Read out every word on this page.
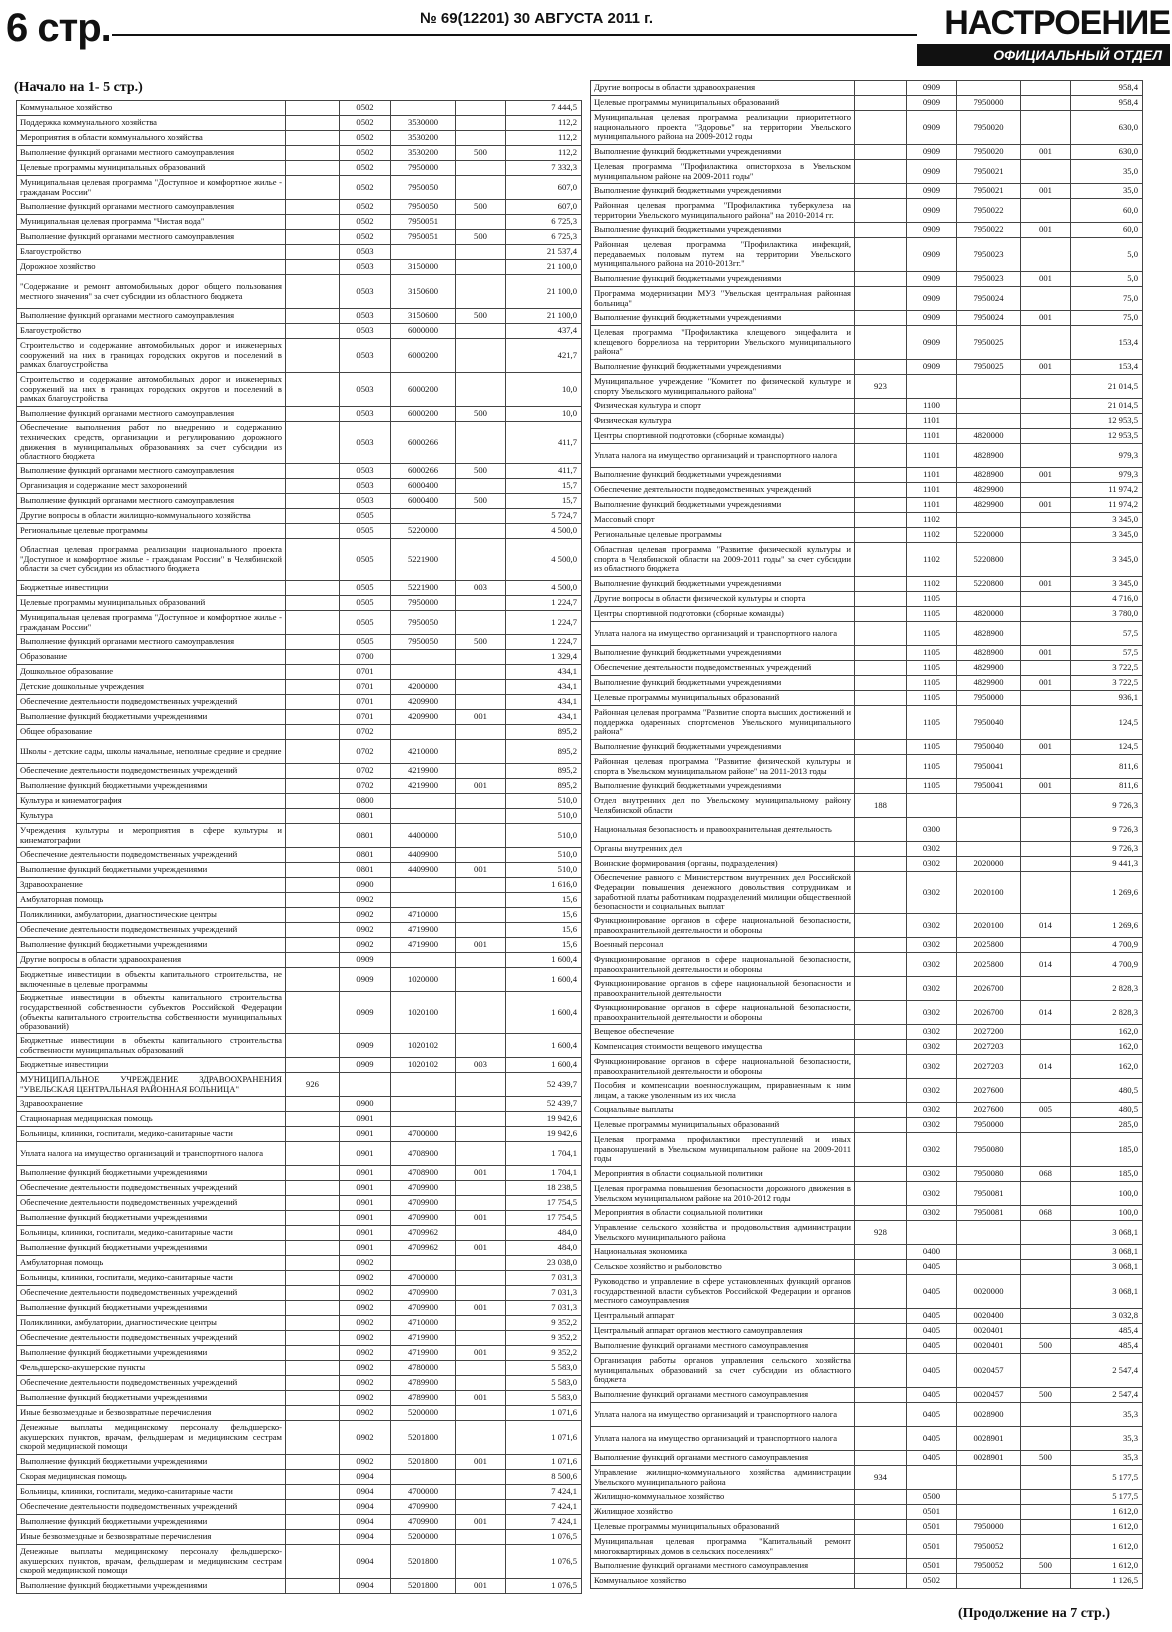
6 стр.	№ 69(12201) 30 АВГУСТА 2011 г.	НАСТРОЕНИЕ
ОФИЦИАЛЬНЫЙ ОТДЕЛ
(Начало на 1- 5 стр.)
Коммунальное хозяйство		0502			7 444,5
Поддержка коммунального хозяйства		0502	3530000		112,2
Мероприятия в области коммунального хозяйства		0502	3530200		112,2
Выполнение функций органами местного самоуправления		0502	3530200	500	112,2
Целевые программы муниципальных образований		0502	7950000		7 332,3
Муниципальная целевая программа "Доступное и комфортное жилье - гражданам России"		0502	7950050		607,0
Выполнение функций органами местного самоуправления		0502	7950050	500	607,0
Муниципальная целевая программа "Чистая вода"		0502	7950051		6 725,3
Выполнение функций органами местного самоуправления		0502	7950051	500	6 725,3
Благоустройство		0503			21 537,4
Дорожное хозяйство		0503	3150000		21 100,0
"Содержание и ремонт автомобильных дорог общего пользования местного значения" за счет субсидии из областного бюджета		0503	3150600		21 100,0
Выполнение функций органами местного самоуправления		0503	3150600	500	21 100,0
Благоустройство		0503	6000000		437,4
Строительство и содержание автомобильных дорог и инженерных сооружений на них в границах городских округов и поселений в рамках благоустройства		0503	6000200		421,7
Строительство и содержание автомобильных дорог и инженерных сооружений на них в границах городских округов и поселений в рамках благоустройства		0503	6000200		10,0
Выполнение функций органами местного самоуправления		0503	6000200	500	10,0
Обеспечение выполнения работ по внедрению и содержанию технических средств, организации и регулированию дорожного движения в муниципальных образованиях за счет субсидии из областного бюджета		0503	6000266		411,7
Выполнение функций органами местного самоуправления		0503	6000266	500	411,7
Организация и содержание мест захоронений		0503	6000400		15,7
Выполнение функций органами местного самоуправления		0503	6000400	500	15,7
Другие вопросы в области жилищно-коммунального хозяйства		0505			5 724,7
Региональные целевые программы		0505	5220000		4 500,0
Областная целевая программа реализации национального проекта "Доступное и комфортное жилье - гражданам России" в Челябинской области за счет субсидии из областного бюджета		0505	5221900		4 500,0
Бюджетные инвестиции		0505	5221900	003	4 500,0
Целевые программы муниципальных образований		0505	7950000		1 224,7
Муниципальная целевая программа "Доступное и комфортное жилье - гражданам России"		0505	7950050		1 224,7
Выполнение функций органами местного самоуправления		0505	7950050	500	1 224,7
Образование		0700			1 329,4
Дошкольное образование		0701			434,1
Детские дошкольные учреждения		0701	4200000		434,1
Обеспечение деятельности подведомственных учреждений		0701	4209900		434,1
Выполнение функций бюджетными учреждениями		0701	4209900	001	434,1
Общее образование		0702			895,2
Школы - детские сады, школы начальные, неполные средние и средние		0702	4210000		895,2
Обеспечение деятельности подведомственных учреждений		0702	4219900		895,2
Выполнение функций бюджетными учреждениями		0702	4219900	001	895,2
Культура и кинематография		0800			510,0
Культура		0801			510,0
Учреждения культуры и мероприятия в сфере культуры и кинематографии		0801	4400000		510,0
Обеспечение деятельности подведомственных учреждений		0801	4409900		510,0
Выполнение функций бюджетными учреждениями		0801	4409900	001	510,0
Здравоохранение		0900			1 616,0
Амбулаторная помощь		0902			15,6
Поликлиники, амбулатории, диагностические центры		0902	4710000		15,6
Обеспечение деятельности подведомственных учреждений		0902	4719900		15,6
Выполнение функций бюджетными учреждениями		0902	4719900	001	15,6
Другие вопросы в области здравоохранения		0909			1 600,4
Бюджетные инвестиции в объекты капитального строительства, не включенные в целевые программы		0909	1020000		1 600,4
Бюджетные инвестиции в объекты капитального строительства государственной собственности субъектов Российской Федерации (объекты капитального строительства собственности муниципальных образований)		0909	1020100		1 600,4
Бюджетные инвестиции в объекты капитального строительства собственности муниципальных образований		0909	1020102		1 600,4
Бюджетные инвестиции		0909	1020102	003	1 600,4
МУНИЦИПАЛЬНОЕ УЧРЕЖДЕНИЕ ЗДРАВООХРАНЕНИЯ "УВЕЛЬСКАЯ ЦЕНТРАЛЬНАЯ РАЙОННАЯ БОЛЬНИЦА"	926				52 439,7
Здравоохранение		0900			52 439,7
Стационарная медицинская помощь		0901			19 942,6
Больницы, клиники, госпитали, медико-санитарные части		0901	4700000		19 942,6
Уплата налога на имущество организаций и транспортного налога		0901	4708900		1 704,1
Выполнение функций бюджетными учреждениями		0901	4708900	001	1 704,1
Обеспечение деятельности подведомственных учреждений		0901	4709900		18 238,5
Обеспечение деятельности подведомственных учреждений		0901	4709900		17 754,5
Выполнение функций бюджетными учреждениями		0901	4709900	001	17 754,5
Больницы, клиники, госпитали, медико-санитарные части		0901	4709962		484,0
Выполнение функций бюджетными учреждениями		0901	4709962	001	484,0
Амбулаторная помощь		0902			23 038,0
Больницы, клиники, госпитали, медико-санитарные части		0902	4700000		7 031,3
Обеспечение деятельности подведомственных учреждений		0902	4709900		7 031,3
Выполнение функций бюджетными учреждениями		0902	4709900	001	7 031,3
Поликлиники, амбулатории, диагностические центры		0902	4710000		9 352,2
Обеспечение деятельности подведомственных учреждений		0902	4719900		9 352,2
Выполнение функций бюджетными учреждениями		0902	4719900	001	9 352,2
Фельдшерско-акушерские пункты		0902	4780000		5 583,0
Обеспечение деятельности подведомственных учреждений		0902	4789900		5 583,0
Выполнение функций бюджетными учреждениями		0902	4789900	001	5 583,0
Иные безвозмездные и безвозвратные перечисления		0902	5200000		1 071,6
Денежные выплаты медицинскому персоналу фельдшерско-акушерских пунктов, врачам, фельдшерам и медицинским сестрам скорой медицинской помощи		0902	5201800		1 071,6
Выполнение функций бюджетными учреждениями		0902	5201800	001	1 071,6
Скорая медицинская помощь		0904			8 500,6
Больницы, клиники, госпитали, медико-санитарные части		0904	4700000		7 424,1
Обеспечение деятельности подведомственных учреждений		0904	4709900		7 424,1
Выполнение функций бюджетными учреждениями		0904	4709900	001	7 424,1
Иные безвозмездные и безвозвратные перечисления		0904	5200000		1 076,5
Денежные выплаты медицинскому персоналу фельдшерско-акушерских пунктов, врачам, фельдшерам и медицинским сестрам скорой медицинской помощи		0904	5201800		1 076,5
Выполнение функций бюджетными учреждениями		0904	5201800	001	1 076,5
Другие вопросы в области здравоохранения		0909			958,4
Целевые программы муниципальных образований		0909	7950000		958,4
Муниципальная целевая программа реализации приоритетного национального проекта "Здоровье" на территории Увельского муниципального района на 2009-2012 годы		0909	7950020		630,0
Выполнение функций бюджетными учреждениями		0909	7950020	001	630,0
Целевая программа "Профилактика описторхоза в Увельском муниципальном районе на 2009-2011 годы"		0909	7950021		35,0
Выполнение функций бюджетными учреждениями		0909	7950021	001	35,0
Районная целевая программа "Профилактика туберкулеза на территории Увельского муниципального района" на 2010-2014 гг.		0909	7950022		60,0
Выполнение функций бюджетными учреждениями		0909	7950022	001	60,0
Районная целевая программа "Профилактика инфекций, передаваемых половым путем на территории Увельского муниципального района на 2010-2013гг."		0909	7950023		5,0
Выполнение функций бюджетными учреждениями		0909	7950023	001	5,0
Программа модернизации МУЗ "Увельская центральная районная больница"		0909	7950024		75,0
Выполнение функций бюджетными учреждениями		0909	7950024	001	75,0
Целевая программа "Профилактика клещевого энцефалита и клещевого боррелиоза на территории Увельского муниципального района"		0909	7950025		153,4
Выполнение функций бюджетными учреждениями		0909	7950025	001	153,4
Муниципальное учреждение "Комитет по физической культуре и спорту Увельского муниципального района"	923				21 014,5
Физическая культура и спорт		1100			21 014,5
Физическая культура		1101			12 953,5
Центры спортивной подготовки (сборные команды)		1101	4820000		12 953,5
Уплата налога на имущество организаций и транспортного налога		1101	4828900		979,3
Выполнение функций бюджетными учреждениями		1101	4828900	001	979,3
Обеспечение деятельности подведомственных учреждений		1101	4829900		11 974,2
Выполнение функций бюджетными учреждениями		1101	4829900	001	11 974,2
Массовый спорт		1102			3 345,0
Региональные целевые программы		1102	5220000		3 345,0
Областная целевая программа "Развитие физической культуры и спорта в Челябинской области на 2009-2011 годы" за счет субсидии из областного бюджета		1102	5220800		3 345,0
Выполнение функций бюджетными учреждениями		1102	5220800	001	3 345,0
Другие вопросы в области физической культуры и спорта		1105			4 716,0
Центры спортивной подготовки (сборные команды)		1105	4820000		3 780,0
Уплата налога на имущество организаций и транспортного налога		1105	4828900		57,5
Выполнение функций бюджетными учреждениями		1105	4828900	001	57,5
Обеспечение деятельности подведомственных учреждений		1105	4829900		3 722,5
Выполнение функций бюджетными учреждениями		1105	4829900	001	3 722,5
Целевые программы муниципальных образований		1105	7950000		936,1
Районная целевая программа "Развитие спорта высших достижений и поддержка одаренных спортсменов Увельского муниципального района"		1105	7950040		124,5
Выполнение функций бюджетными учреждениями		1105	7950040	001	124,5
Районная целевая программа "Развитие физической культуры и спорта в Увельском муниципальном районе" на 2011-2013 годы		1105	7950041		811,6
Выполнение функций бюджетными учреждениями		1105	7950041	001	811,6
Отдел внутренних дел по Увельскому муниципальному району Челябинской области	188				9 726,3
Национальная безопасность и правоохранительная деятельность		0300			9 726,3
Органы внутренних дел		0302			9 726,3
Воинские формирования (органы, подразделения)		0302	2020000		9 441,3
Обеспечение равного с Министерством внутренних дел Российской Федерации повышения денежного довольствия сотрудникам и заработной платы работникам подразделений милиции общественной безопасности и социальных выплат		0302	2020100		1 269,6
Функционирование органов в сфере национальной безопасности, правоохранительной деятельности и обороны		0302	2020100	014	1 269,6
Военный персонал		0302	2025800		4 700,9
Функционирование органов в сфере национальной безопасности, правоохранительной деятельности и обороны		0302	2025800	014	4 700,9
Функционирование органов в сфере национальной безопасности и правоохранительной деятельности		0302	2026700		2 828,3
Функционирование органов в сфере национальной безопасности, правоохранительной деятельности и обороны		0302	2026700	014	2 828,3
Вещевое обеспечение		0302	2027200		162,0
Компенсация стоимости вещевого имущества		0302	2027203		162,0
Функционирование органов в сфере национальной безопасности, правоохранительной деятельности и обороны		0302	2027203	014	162,0
Пособия и компенсации военнослужащим, приравненным к ним лицам, а также уволенным из их числа		0302	2027600		480,5
Социальные выплаты		0302	2027600	005	480,5
Целевые программы муниципальных образований		0302	7950000		285,0
Целевая программа профилактики преступлений и иных правонарушений в Увельском муниципальном районе на 2009-2011 годы		0302	7950080		185,0
Мероприятия в области социальной политики		0302	7950080	068	185,0
Целевая программа повышения безопасности дорожного движения в Увельском муниципальном районе на 2010-2012 годы		0302	7950081		100,0
Мероприятия в области социальной политики		0302	7950081	068	100,0
Управление сельского хозяйства и продовольствия администрации Увельского муниципального района	928				3 068,1
Национальная экономика		0400			3 068,1
Сельское хозяйство и рыболовство		0405			3 068,1
Руководство и управление в сфере установленных функций органов государственной власти субъектов Российской Федерации и органов местного самоуправления		0405	0020000		3 068,1
Центральный аппарат		0405	0020400		3 032,8
Центральный аппарат органов местного самоуправления		0405	0020401		485,4
Выполнение функций органами местного самоуправления		0405	0020401	500	485,4
Организация работы органов управления сельского хозяйства муниципальных образований за счет субсидии из областного бюджета		0405	0020457		2 547,4
Выполнение функций органами местного самоуправления		0405	0020457	500	2 547,4
Уплата налога на имущество организаций и транспортного налога		0405	0028900		35,3
Уплата налога на имущество организаций и транспортного налога		0405	0028901		35,3
Выполнение функций органами местного самоуправления		0405	0028901	500	35,3
Управление жилищно-коммунального хозяйства администрации Увельского муниципального района	934				5 177,5
Жилищно-коммунальное хозяйство		0500			5 177,5
Жилищное хозяйство		0501			1 612,0
Целевые программы муниципальных образований		0501	7950000		1 612,0
Муниципальная целевая программа "Капитальный ремонт многоквартирных домов в сельских поселениях"		0501	7950052		1 612,0
Выполнение функций органами местного самоуправления		0501	7950052	500	1 612,0
Коммунальное хозяйство		0502			1 126,5
(Продолжение на 7 стр.)
